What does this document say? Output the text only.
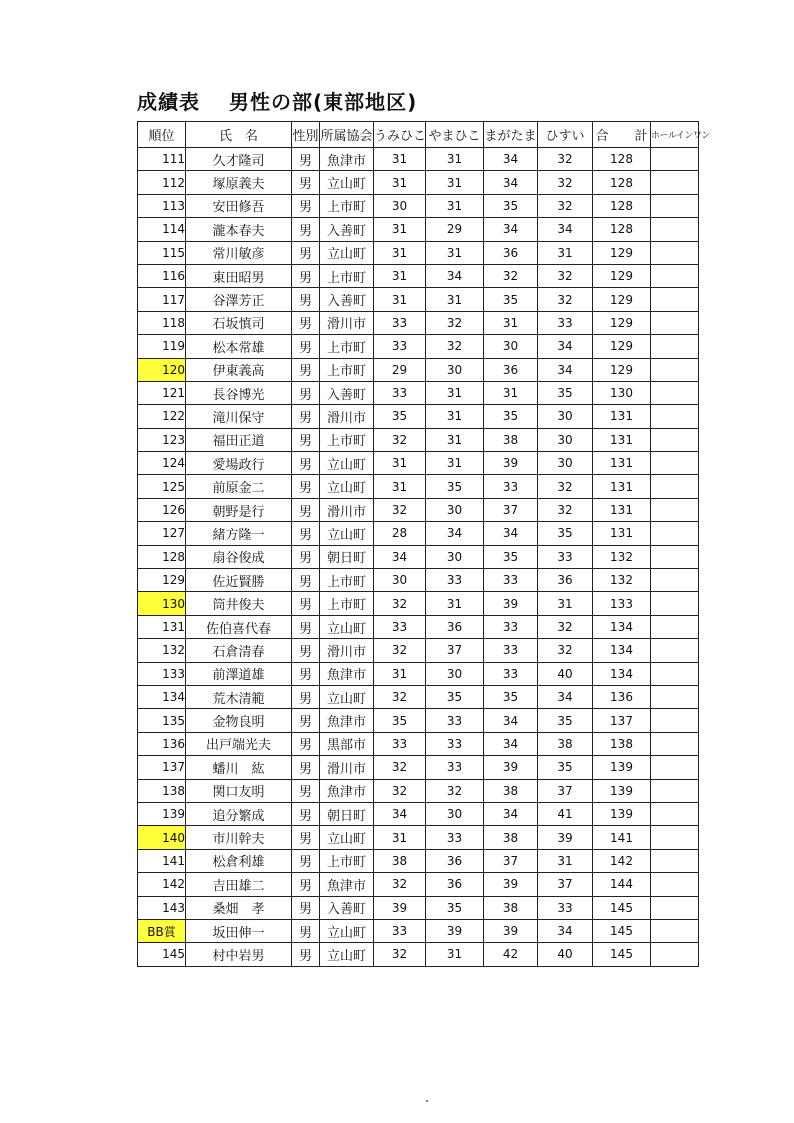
成績表　 男性の部(東部地区)
順位	氏　名	性別	所属協会	うみひこ	やまひこ	まがたま	ひすい	合　　計	ホールインワン
111	久才隆司	男	魚津市	31	31	34	32	128	
112	塚原義夫	男	立山町	31	31	34	32	128	
113	安田修吾	男	上市町	30	31	35	32	128	
114	瀧本春夫	男	入善町	31	29	34	34	128	
115	常川敏彦	男	立山町	31	31	36	31	129	
116	東田昭男	男	上市町	31	34	32	32	129	
117	谷澤芳正	男	入善町	31	31	35	32	129	
118	石坂慎司	男	滑川市	33	32	31	33	129	
119	松本常雄	男	上市町	33	32	30	34	129	
120	伊東義高	男	上市町	29	30	36	34	129	
121	長谷博光	男	入善町	33	31	31	35	130	
122	滝川保守	男	滑川市	35	31	35	30	131	
123	福田正道	男	上市町	32	31	38	30	131	
124	愛場政行	男	立山町	31	31	39	30	131	
125	前原金二	男	立山町	31	35	33	32	131	
126	朝野是行	男	滑川市	32	30	37	32	131	
127	緒方隆一	男	立山町	28	34	34	35	131	
128	扇谷俊成	男	朝日町	34	30	35	33	132	
129	佐近賢勝	男	上市町	30	33	33	36	132	
130	筒井俊夫	男	上市町	32	31	39	31	133	
131	佐伯喜代春	男	立山町	33	36	33	32	134	
132	石倉清春	男	滑川市	32	37	33	32	134	
133	前澤道雄	男	魚津市	31	30	33	40	134	
134	荒木清範	男	立山町	32	35	35	34	136	
135	金物良明	男	魚津市	35	33	34	35	137	
136	出戸端光夫	男	黒部市	33	33	34	38	138	
137	蟠川　紘	男	滑川市	32	33	39	35	139	
138	関口友明	男	魚津市	32	32	38	37	139	
139	追分繁成	男	朝日町	34	30	34	41	139	
140	市川幹夫	男	立山町	31	33	38	39	141	
141	松倉利雄	男	上市町	38	36	37	31	142	
142	吉田雄二	男	魚津市	32	36	39	37	144	
143	桑畑　孝	男	入善町	39	35	38	33	145	
BB賞	坂田伸一	男	立山町	33	39	39	34	145	
145	村中岩男	男	立山町	32	31	42	40	145	
